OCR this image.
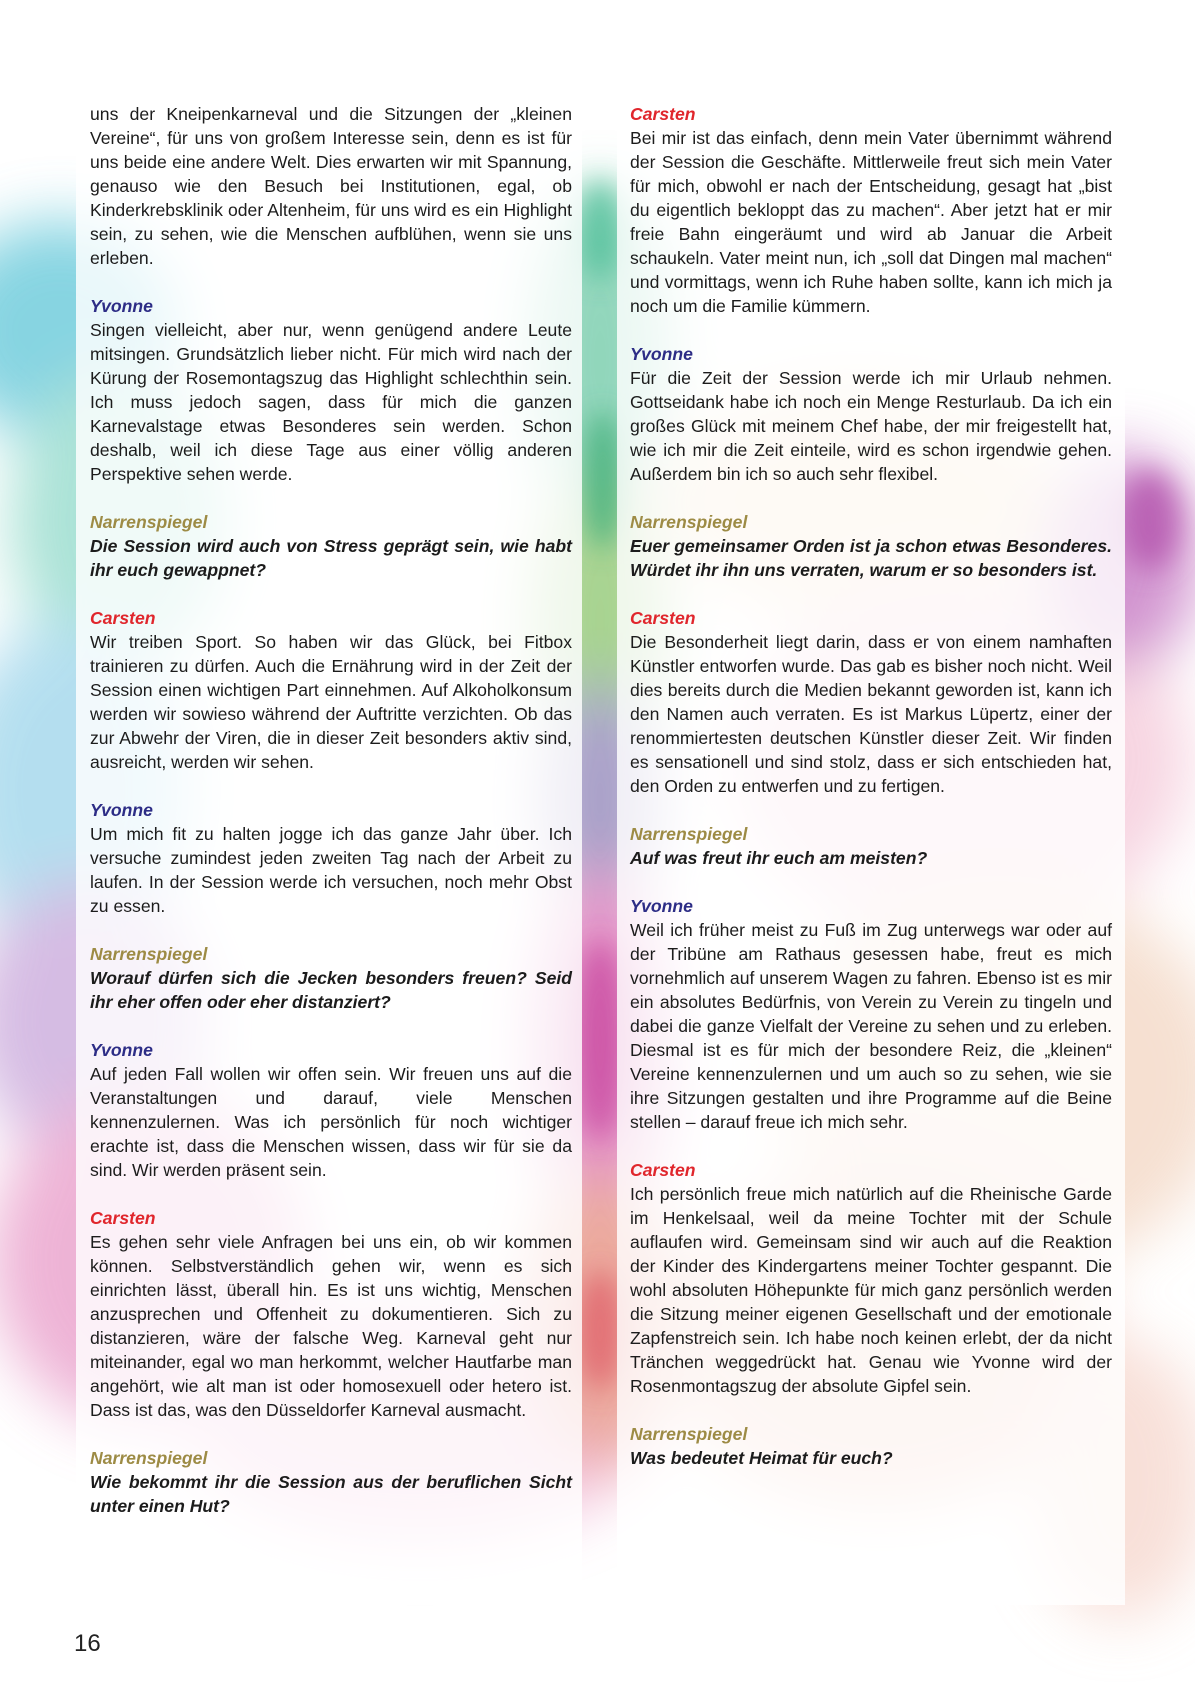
uns der Kneipenkarneval und die Sitzungen der „kleinen Vereine“, für uns von großem Interesse sein, denn es ist für uns beide eine andere Welt. Dies erwarten wir mit Spannung, genauso wie den Besuch bei Institutionen, egal, ob Kinderkrebsklinik oder Altenheim, für uns wird es ein Highlight sein, zu sehen, wie die Menschen aufblühen, wenn sie uns erleben.

Yvonne

Singen vielleicht, aber nur, wenn genügend andere Leute mitsingen. Grundsätzlich lieber nicht. Für mich wird nach der Kürung der Rosemontagszug das Highlight schlechthin sein. Ich muss jedoch sagen, dass für mich die ganzen Karnevalstage etwas Besonderes sein werden. Schon deshalb, weil ich diese Tage aus einer völlig anderen Perspektive sehen werde.

Narrenspiegel

Die Session wird auch von Stress geprägt sein, wie habt ihr euch gewappnet?

Carsten

Wir treiben Sport. So haben wir das Glück, bei Fitbox trainieren zu dürfen. Auch die Ernährung wird in der Zeit der Session einen wichtigen Part einnehmen. Auf Alkoholkonsum werden wir sowieso während der Auftritte verzichten. Ob das zur Abwehr der Viren, die in dieser Zeit besonders aktiv sind, ausreicht, werden wir sehen.

Yvonne

Um mich fit zu halten jogge ich das ganze Jahr über. Ich versuche zumindest jeden zweiten Tag nach der Arbeit zu laufen. In der Session werde ich versuchen, noch mehr Obst zu essen.

Narrenspiegel

Worauf dürfen sich die Jecken besonders freuen? Seid ihr eher offen oder eher distanziert?

Yvonne

Auf jeden Fall wollen wir offen sein. Wir freuen uns auf die Veranstaltungen und darauf, viele Menschen kennenzulernen. Was ich persönlich für noch wichtiger erachte ist, dass die Menschen wissen, dass wir für sie da sind. Wir werden präsent sein.

Carsten

Es gehen sehr viele Anfragen bei uns ein, ob wir kommen können. Selbstverständlich gehen wir, wenn es sich einrichten lässt, überall hin. Es ist uns wichtig, Menschen anzusprechen und Offenheit zu dokumentieren. Sich zu distanzieren, wäre der falsche Weg. Karneval geht nur miteinander, egal wo man herkommt, welcher Hautfarbe man angehört, wie alt man ist oder homosexuell oder hetero ist. Dass ist das, was den Düsseldorfer Karneval ausmacht.

Narrenspiegel

Wie bekommt ihr die Session aus der beruflichen Sicht unter einen Hut?

Carsten

Bei mir ist das einfach, denn mein Vater übernimmt während der Session die Geschäfte. Mittlerweile freut sich mein Vater für mich, obwohl er nach der Entscheidung, gesagt hat „bist du eigentlich bekloppt das zu machen“. Aber jetzt hat er mir freie Bahn eingeräumt und wird ab Januar die Arbeit schaukeln. Vater meint nun, ich „soll dat Dingen mal machen“ und vormittags, wenn ich Ruhe haben sollte, kann ich mich ja noch um die Familie kümmern.

Yvonne

Für die Zeit der Session werde ich mir Urlaub nehmen. Gottseidank habe ich noch ein Menge Resturlaub. Da ich ein großes Glück mit meinem Chef habe, der mir freigestellt hat, wie ich mir die Zeit einteile, wird es schon irgendwie gehen. Außerdem bin ich so auch sehr flexibel.

Narrenspiegel

Euer gemeinsamer Orden ist ja schon etwas Besonderes. Würdet ihr ihn uns verraten, warum er so besonders ist.

Carsten

Die Besonderheit liegt darin, dass er von einem namhaften Künstler entworfen wurde. Das gab es bisher noch nicht. Weil dies bereits durch die Medien bekannt geworden ist, kann ich den Namen auch verraten. Es ist Markus Lüpertz, einer der renommiertesten deutschen Künstler dieser Zeit. Wir finden es sensationell und sind stolz, dass er sich entschieden hat, den Orden zu entwerfen und zu fertigen.

Narrenspiegel

Auf was freut ihr euch am meisten?

Yvonne

Weil ich früher meist zu Fuß im Zug unterwegs war oder auf der Tribüne am Rathaus gesessen habe, freut es mich vornehmlich auf unserem Wagen zu fahren. Ebenso ist es mir ein absolutes Bedürfnis, von Verein zu Verein zu tingeln und dabei die ganze Vielfalt der Vereine zu sehen und zu erleben. Diesmal ist es für mich der besondere Reiz, die „kleinen“ Vereine kennenzulernen und um auch so zu sehen, wie sie ihre Sitzungen gestalten und ihre Programme auf die Beine stellen – darauf freue ich mich sehr.

Carsten

Ich persönlich freue mich natürlich auf die Rheinische Garde im Henkelsaal, weil da meine Tochter mit der Schule auflaufen wird. Gemeinsam sind wir auch auf die Reaktion der Kinder des Kindergartens meiner Tochter gespannt. Die wohl absoluten Höhepunkte für mich ganz persönlich werden die Sitzung meiner eigenen Gesellschaft und der emotionale Zapfenstreich sein. Ich habe noch keinen erlebt, der da nicht Tränchen weggedrückt hat. Genau wie Yvonne wird der Rosenmontagszug der absolute Gipfel sein.

Narrenspiegel

Was bedeutet Heimat für euch?

16
